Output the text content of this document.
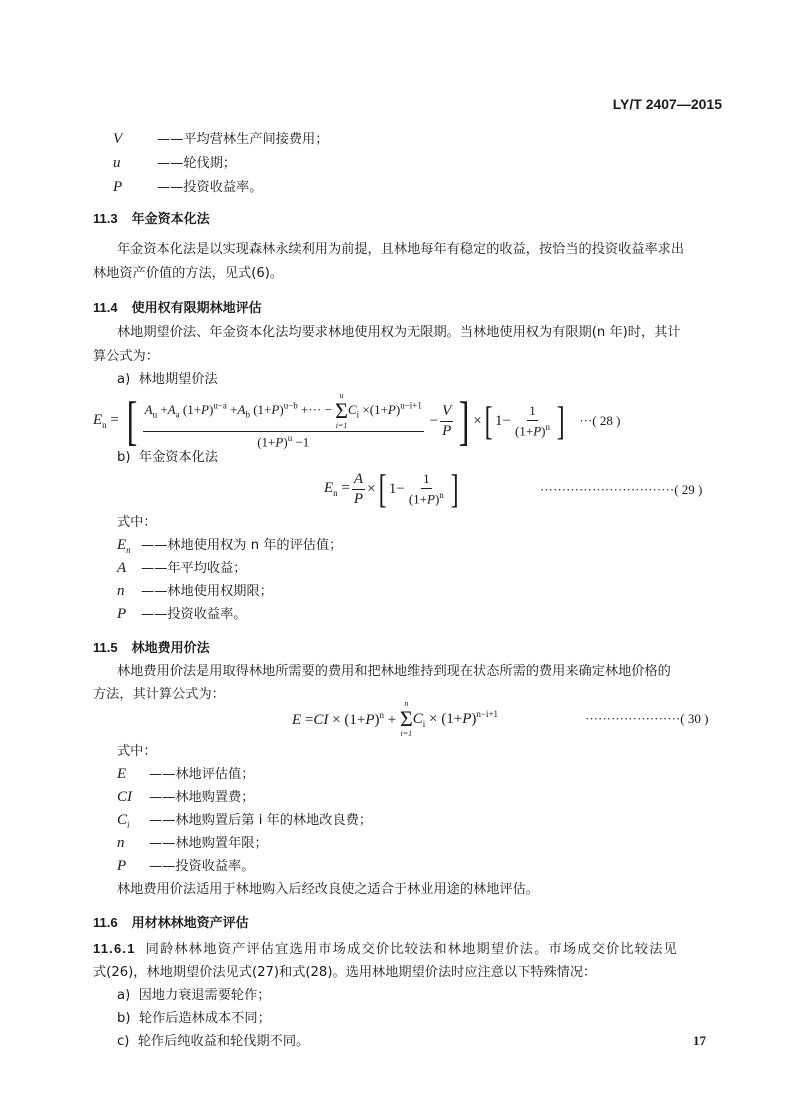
LY/T 2407—2015
V	——平均营林生产间接费用；
u	——轮伐期；
P	——投资收益率。
11.3 年金资本化法
年金资本化法是以实现森林永续利用为前提，且林地每年有稳定的收益，按恰当的投资收益率求出
林地资产价值的方法，见式(6)。
11.4 使用权有限期林地评估
林地期望价法、年金资本化法均要求林地使用权为无限期。当林地使用权为有限期(n 年)时，其计
算公式为：
a) 林地期望价法
$E_n$ = [ $A_u +A_a$ $(1+P)^{u-a} +A_b$ $(1+P)^{u-b}$ +··· −
u
Σ
i=1
$C_i \times(1+P)^{u-i+1}$
$(1+P)^u -1$
− $\frac{V}{P}$ ] × [ $1- \frac{1}{(1+P)^n}$ ] ···( 28 )
b) 年金资本化法
$E_n = \frac{A}{P}$ × [ $1- \frac{1}{(1+P)^n}$ ]	·······························( 29 )
式中：
$E_n$ ——林地使用权为 n 年的评估值；
A ——年平均收益；
n ——林地使用权期限；
P ——投资收益率。
11.5 林地费用价法
林地费用价法是用取得林地所需要的费用和把林地维持到现在状态所需的费用来确定林地价格的
方法，其计算公式为：
$E =CI \times (1+P)^n$ +
n
Σ
i=1
$C_i \times (1+P)^{n-i+1}$	······················( 30 )
式中：
E ——林地评估值；
CI ——林地购置费；
$C_i$ ——林地购置后第 i 年的林地改良费；
n ——林地购置年限；
P ——投资收益率。
林地费用价法适用于林地购入后经改良使之适合于林业用途的林地评估。
11.6 用材林林地资产评估
11.6.1 同龄林林地资产评估宜选用市场成交价比较法和林地期望价法。市场成交价比较法见
式(26)，林地期望价法见式(27)和式(28)。选用林地期望价法时应注意以下特殊情况：
a) 因地力衰退需要轮作；
b) 轮作后造林成本不同；
c) 轮作后纯收益和轮伐期不同。	17
